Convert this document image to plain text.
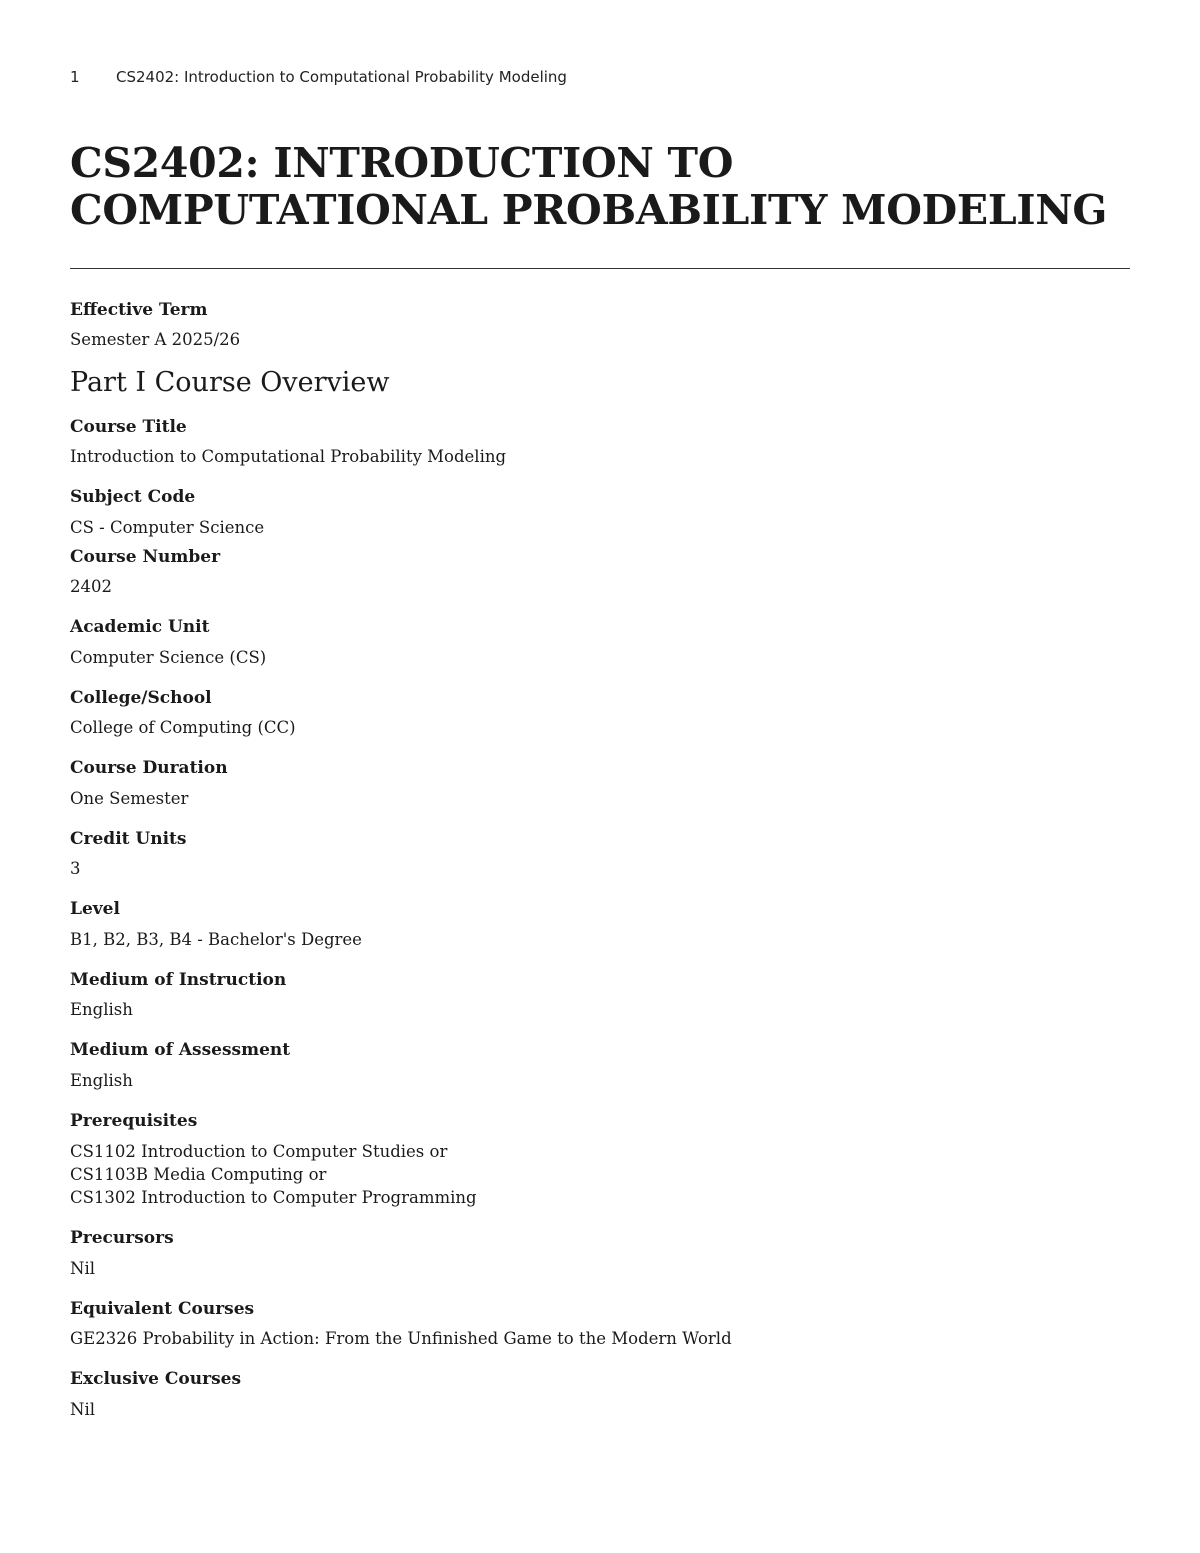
1 CS2402: Introduction to Computational Probability Modeling
CS2402: INTRODUCTION TO COMPUTATIONAL PROBABILITY MODELING

Effective Term

Semester A 2025/26

Part I Course Overview

Course Title

Introduction to Computational Probability Modeling

Subject Code

CS - Computer Science

Course Number

2402

Academic Unit

Computer Science (CS)

College/School

College of Computing (CC)

Course Duration

One Semester

Credit Units

3

Level

B1, B2, B3, B4 - Bachelor's Degree

Medium of Instruction

English

Medium of Assessment

English

Prerequisites

CS1102 Introduction to Computer Studies or

CS1103B Media Computing or

CS1302 Introduction to Computer Programming

Precursors

Nil

Equivalent Courses

GE2326 Probability in Action: From the Unfinished Game to the Modern World

Exclusive Courses

Nil
